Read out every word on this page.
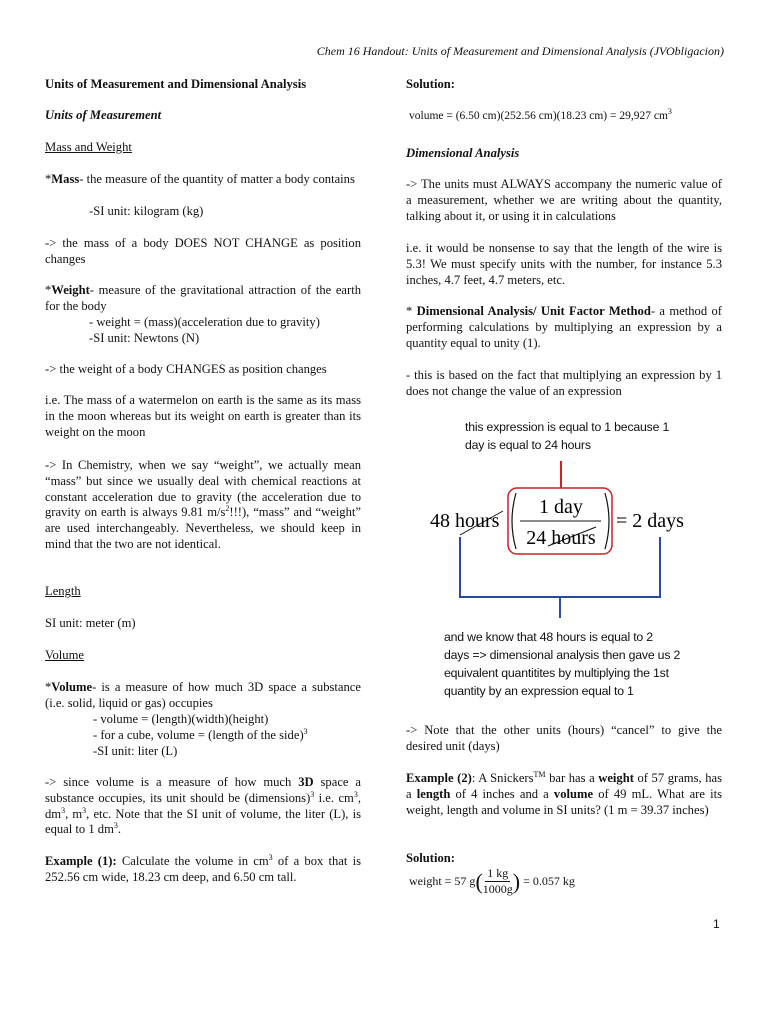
Chem 16 Handout: Units of Measurement and Dimensional Analysis (JVObligacion)
Units of Measurement and Dimensional Analysis
Units of Measurement
Mass and Weight
*Mass- the measure of the quantity of matter a body contains
-SI unit: kilogram (kg)
-> the mass of a body DOES NOT CHANGE as position changes
*Weight- measure of the gravitational attraction of the earth for the body
- weight = (mass)(acceleration due to gravity)
-SI unit: Newtons (N)
-> the weight of a body CHANGES as position changes
i.e. The mass of a watermelon on earth is the same as its mass in the moon whereas but its weight on earth is greater than its weight on the moon
-> In Chemistry, when we say “weight”, we actually mean “mass” but since we usually deal with chemical reactions at constant acceleration due to gravity (the acceleration due to gravity on earth is always 9.81 $m/s^2$!!!), “mass” and “weight” are used interchangeably. Nevertheless, we should keep in mind that the two are not identical.
Length
SI unit: meter (m)
Volume
*Volume- is a measure of how much 3D space a substance (i.e. solid, liquid or gas) occupies
- volume = (length)(width)(height)
- for a cube, volume = (length of the side)$^3$
-SI unit: liter (L)
-> since volume is a measure of how much 3D space a substance occupies, its unit should be (dimensions)$^3$ i.e. $cm^3$, $dm^3$, $m^3$, etc. Note that the SI unit of volume, the liter (L), is equal to 1 $dm^3$.
Example (1): Calculate the volume in $cm^3$ of a box that is 252.56 cm wide, 18.23 cm deep, and 6.50 cm tall.
Solution:
volume = (6.50 cm)(252.56 cm)(18.23 cm) = 29,927 $cm^3$
Dimensional Analysis
-> The units must ALWAYS accompany the numeric value of a measurement, whether we are writing about the quantity, talking about it, or using it in calculations
i.e. it would be nonsense to say that the length of the wire is 5.3! We must specify units with the number, for instance 5.3 inches, 4.7 feet, 4.7 meters, etc.
* Dimensional Analysis/ Unit Factor Method- a method of performing calculations by multiplying an expression by a quantity equal to unity (1).
- this is based on the fact that multiplying an expression by 1 does not change the value of an expression
this expression is equal to 1 because 1
day is equal to 24 hours
48 hours
1 day
24 hours
= 2 days
and we know that 48 hours is equal to 2
days => dimensional analysis then gave us 2
equivalent quantitites by multiplying the 1st
quantity by an expression equal to 1
-> Note that the other units (hours) “cancel” to give the desired unit (days)
Example (2): A Snickers™ bar has a weight of 57 grams, has a length of 4 inches and a volume of 49 mL. What are its weight, length and volume in SI units? (1 m = 39.37 inches)
Solution:
weight = 57 g ( $\frac{1 kg}{1000g}$ ) = 0.057 kg
1
